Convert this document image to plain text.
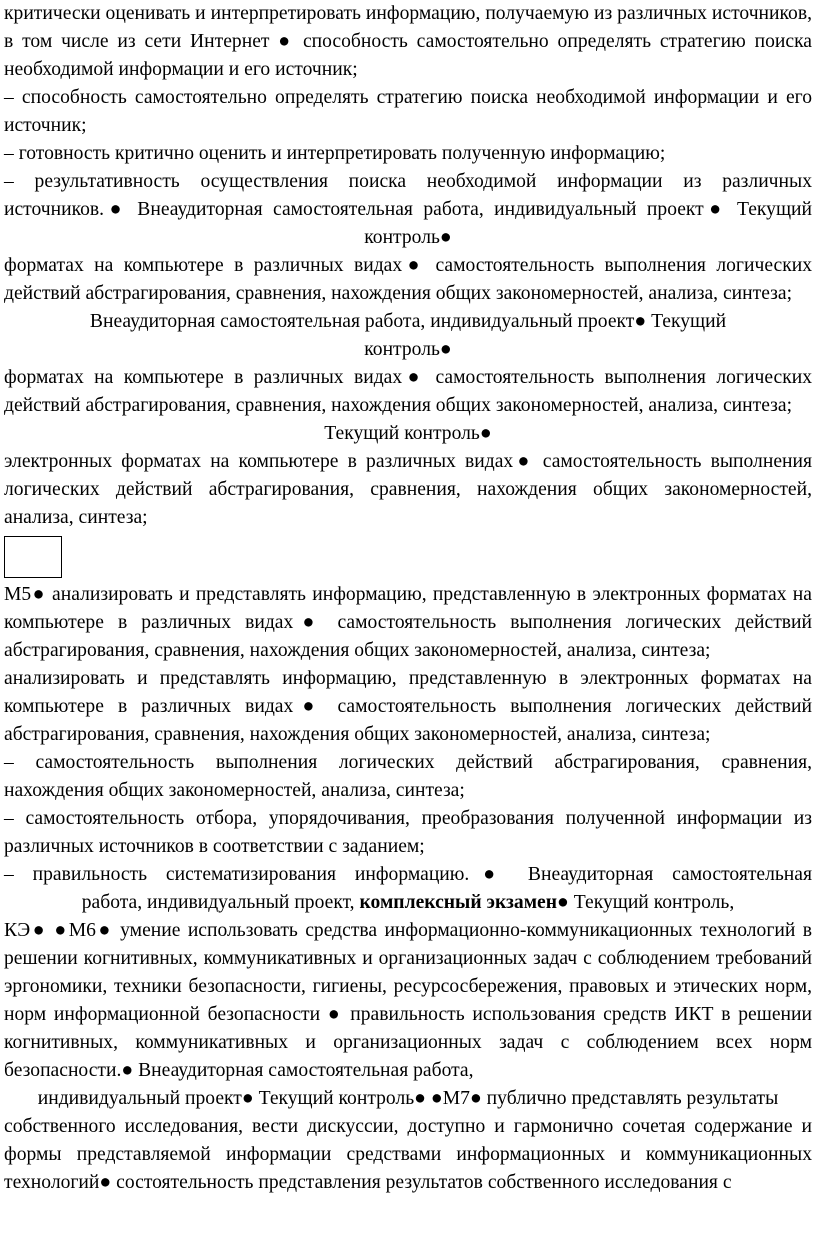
критически оценивать и интерпретировать информацию, получаемую из различных источников, в том числе из сети Интернет ● способность самостоятельно определять стратегию поиска необходимой информации и его источник;

– способность самостоятельно определять стратегию поиска необходимой информации и его источник;

– готовность критично оценить и интерпретировать полученную информацию;

– результативность осуществления поиска необходимой информации из различных источников.● Внеаудиторная самостоятельная работа, индивидуальный проект● Текущий

контроль●

форматах на компьютере в различных видах● самостоятельность выполнения логических действий абстрагирования, сравнения, нахождения общих закономерностей, анализа, синтеза;

Внеаудиторная самостоятельная работа, индивидуальный проект● Текущий

контроль●

форматах на компьютере в различных видах● самостоятельность выполнения логических действий абстрагирования, сравнения, нахождения общих закономерностей, анализа, синтеза;

Текущий контроль●

электронных форматах на компьютере в различных видах● самостоятельность выполнения логических действий абстрагирования, сравнения, нахождения общих закономерностей, анализа, синтеза;

М5● анализировать и представлять информацию, представленную в электронных форматах на компьютере в различных видах● самостоятельность выполнения логических действий абстрагирования, сравнения, нахождения общих закономерностей, анализа, синтеза;

анализировать и представлять информацию, представленную в электронных форматах на компьютере в различных видах● самостоятельность выполнения логических действий абстрагирования, сравнения, нахождения общих закономерностей, анализа, синтеза;

– самостоятельность выполнения логических действий абстрагирования, сравнения, нахождения общих закономерностей, анализа, синтеза;

– самостоятельность отбора, упорядочивания, преобразования полученной информации из различных источников в соответствии с заданием;

– правильность систематизирования информацию.● Внеаудиторная самостоятельная

работа, индивидуальный проект, комплексный экзамен● Текущий контроль,

КЭ● ●М6● умение использовать средства информационно-коммуникационных технологий в решении когнитивных, коммуникативных и организационных задач с соблюдением требований эргономики, техники безопасности, гигиены, ресурсосбережения, правовых и этических норм, норм информационной безопасности ● правильность использования средств ИКТ в решении когнитивных, коммуникативных и организационных задач с соблюдением всех норм безопасности.● Внеаудиторная самостоятельная работа,

индивидуальный проект● Текущий контроль● ●М7● публично представлять результаты

собственного исследования, вести дискуссии, доступно и гармонично сочетая содержание и формы представляемой информации средствами информационных и коммуникационных технологий● состоятельность представления результатов собственного исследования с
